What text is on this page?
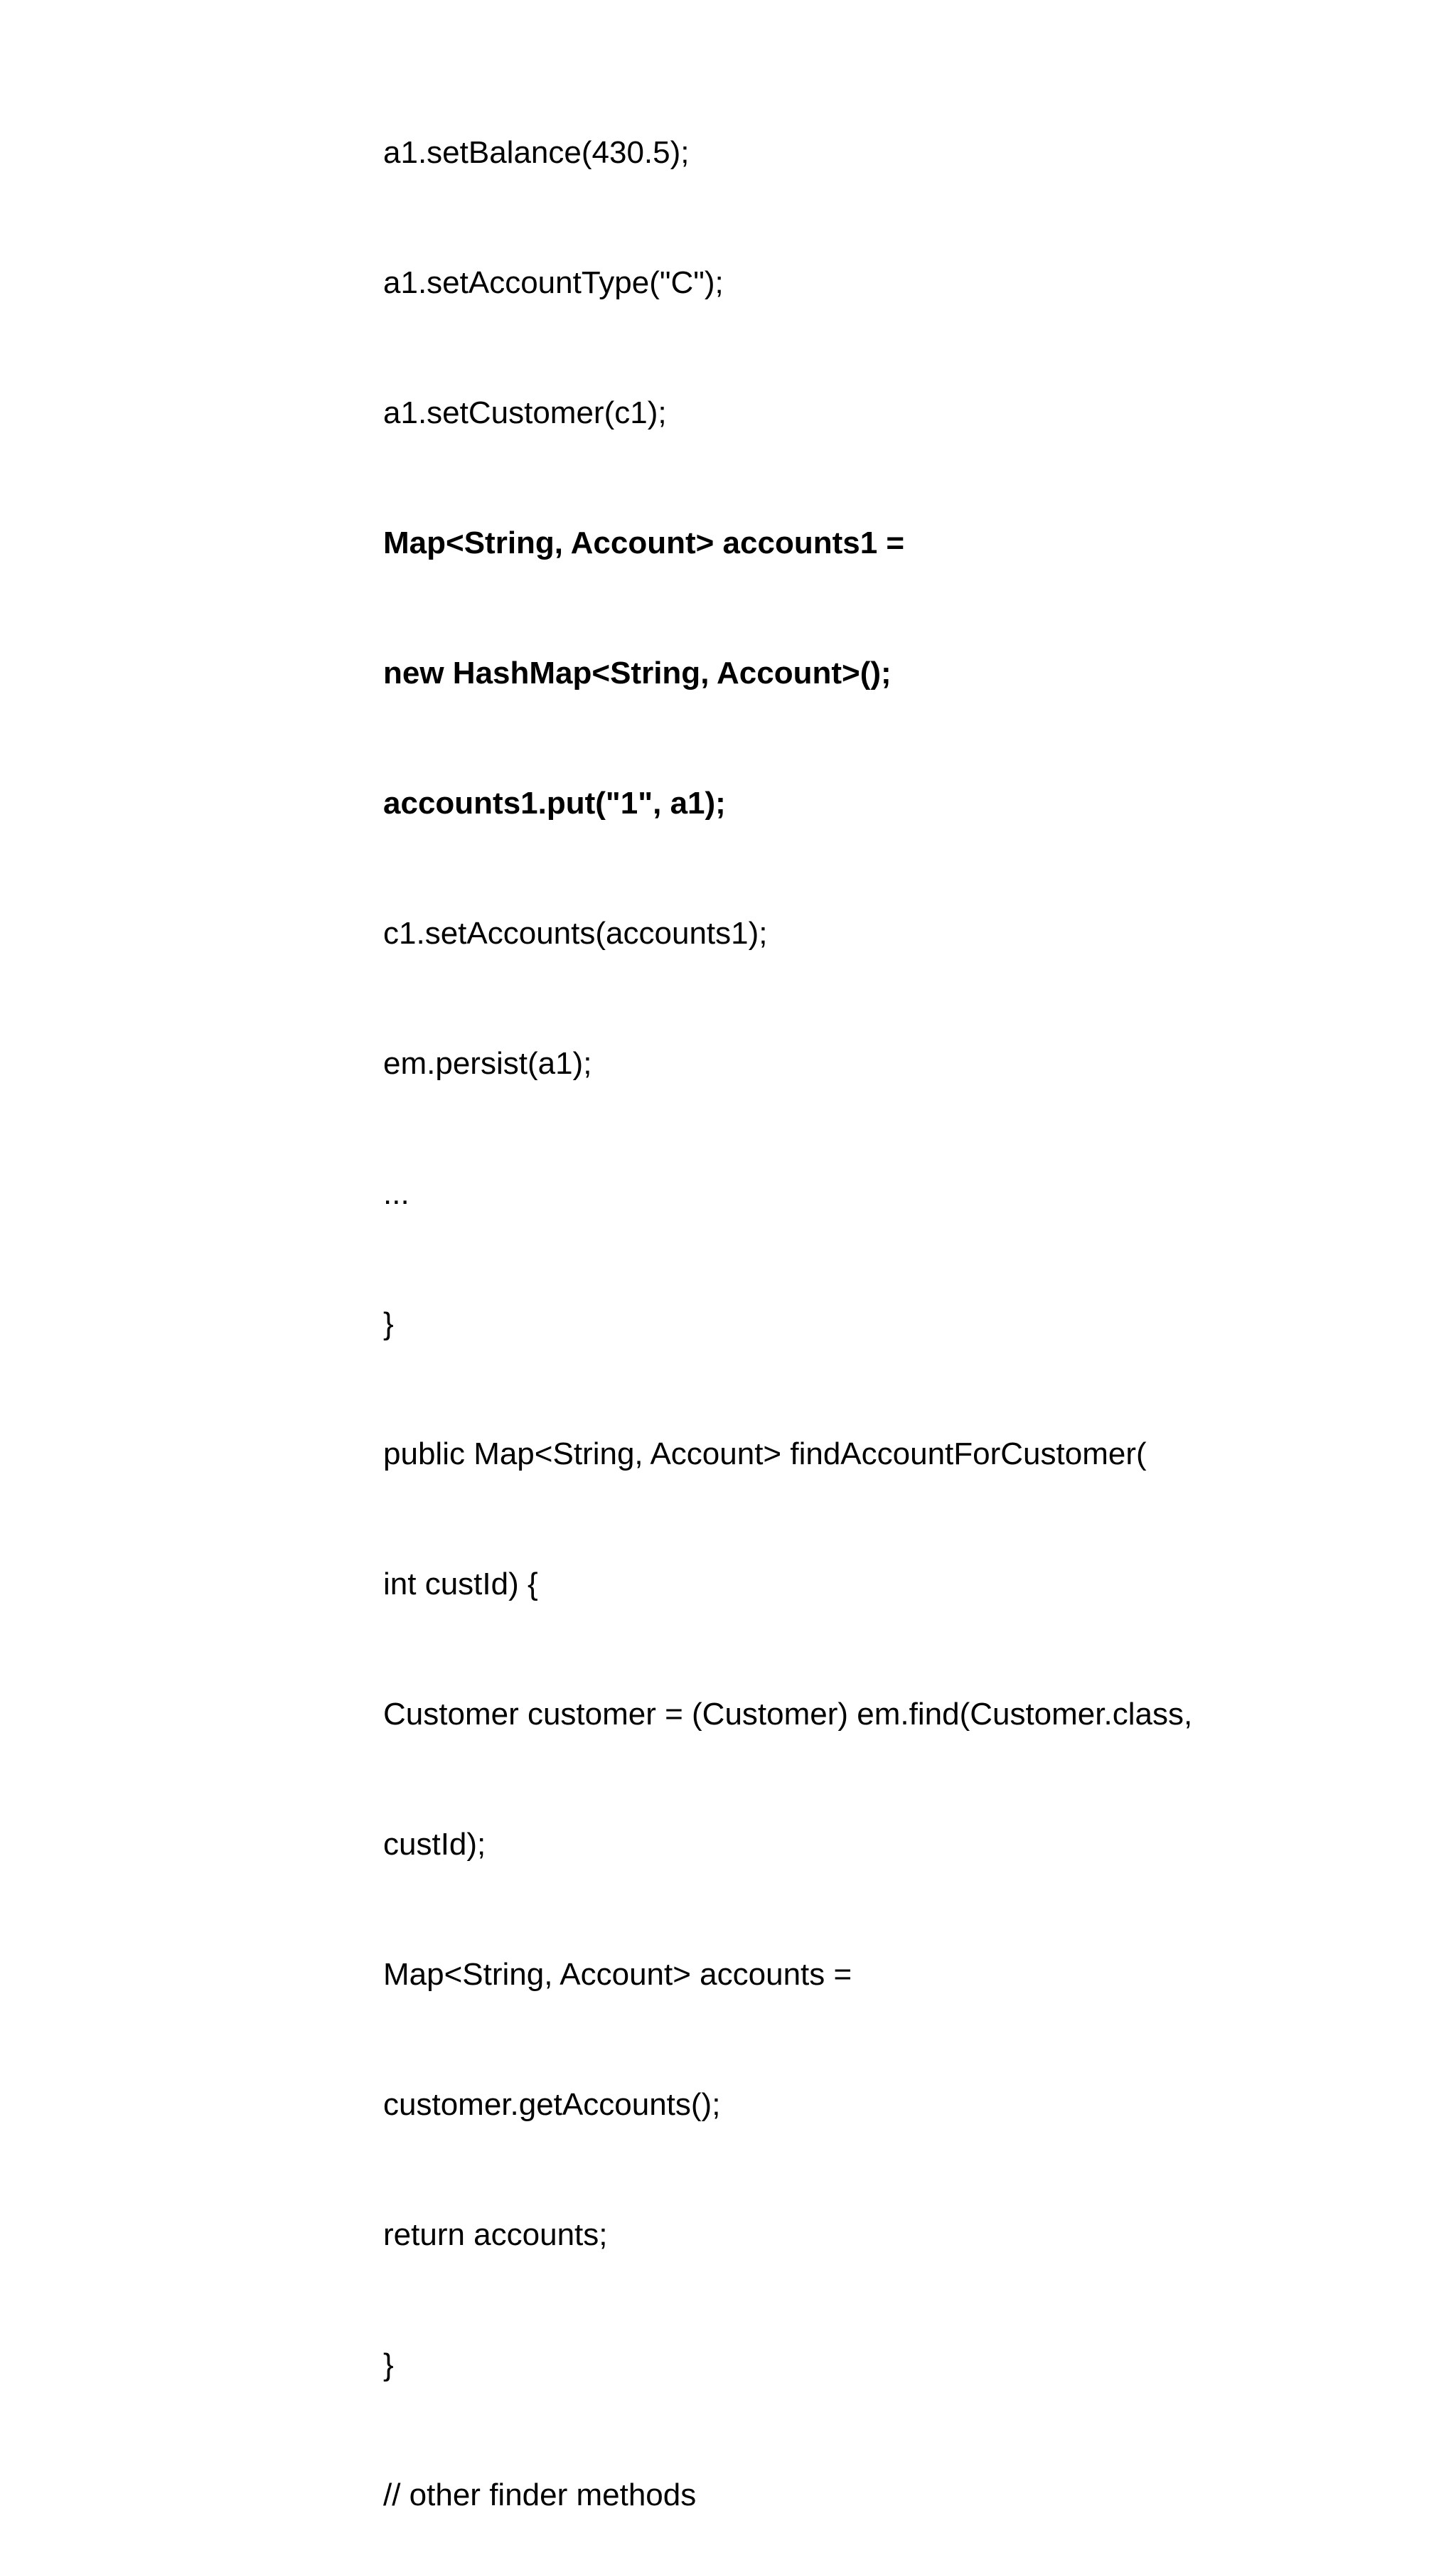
a1.setBalance(430.5);

a1.setAccountType("C");

a1.setCustomer(c1);

Map<String, Account> accounts1 =

new HashMap<String, Account>();

accounts1.put("1", a1);

c1.setAccounts(accounts1);

em.persist(a1);

...

}

public Map<String, Account> findAccountForCustomer(

int custId) {

Customer customer = (Customer) em.find(Customer.class,

custId);

Map<String, Account> accounts =

customer.getAccounts();

return accounts;

}

// other finder methods
